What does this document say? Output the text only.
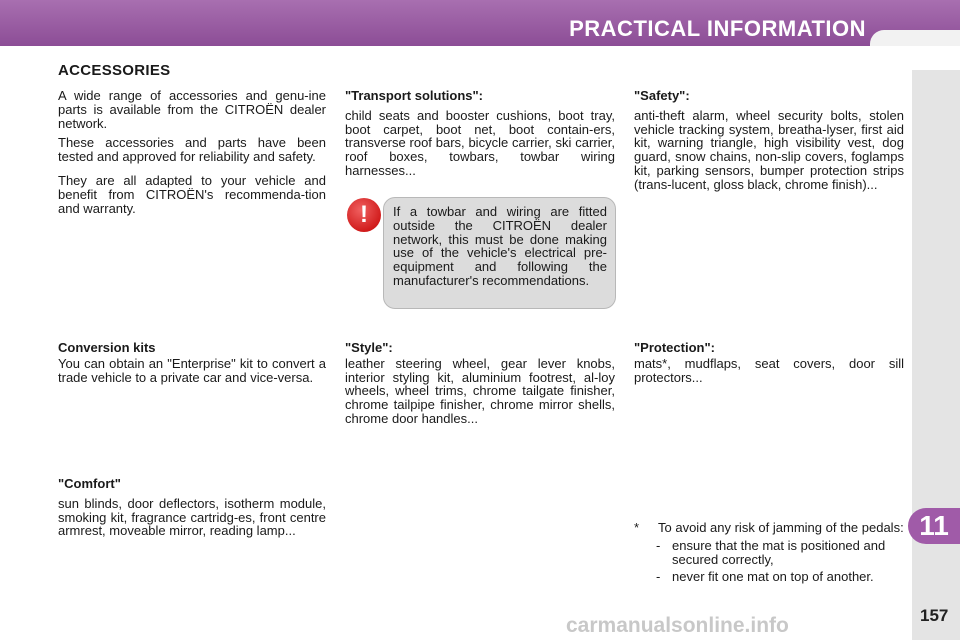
PRACTICAL INFORMATION
11
157
carmanualsonline.info
ACCESSORIES

A wide range of accessories and genu-ine parts is available from the CITROËN dealer network.

These accessories and parts have been tested and approved for reliability and safety.

They are all adapted to your vehicle and benefit from CITROËN's recommenda-tion and warranty.

Conversion kits

You can obtain an "Enterprise" kit to convert a trade vehicle to a private car and vice-versa.

"Comfort"

sun blinds, door deflectors, isotherm module, smoking kit, fragrance cartridg-es, front centre armrest, moveable mirror, reading lamp...

"Transport solutions":

child seats and booster cushions, boot tray, boot carpet, boot net, boot contain-ers, transverse roof bars, bicycle carrier, ski carrier, roof boxes, towbars, towbar wiring harnesses...

!	If a towbar and wiring are fitted outside the CITROËN dealer network, this must be done making use of the vehicle's electrical pre-equipment and following the manufacturer's recommendations.
"Style":

leather steering wheel, gear lever knobs, interior styling kit, aluminium footrest, al-loy wheels, wheel trims, chrome tailgate finisher, chrome tailpipe finisher, chrome mirror shells, chrome door handles...

"Safety":

anti-theft alarm, wheel security bolts, stolen vehicle tracking system, breatha-lyser, first aid kit, warning triangle, high visibility vest, dog guard, snow chains, non-slip covers, foglamps kit, parking sensors, bumper protection strips (trans-lucent, gloss black, chrome finish)...

"Protection":

mats*, mudflaps, seat covers, door sill protectors...

*	To avoid any risk of jamming of the pedals:
- ensure that the mat is positioned and secured correctly,
- never fit one mat on top of another.
